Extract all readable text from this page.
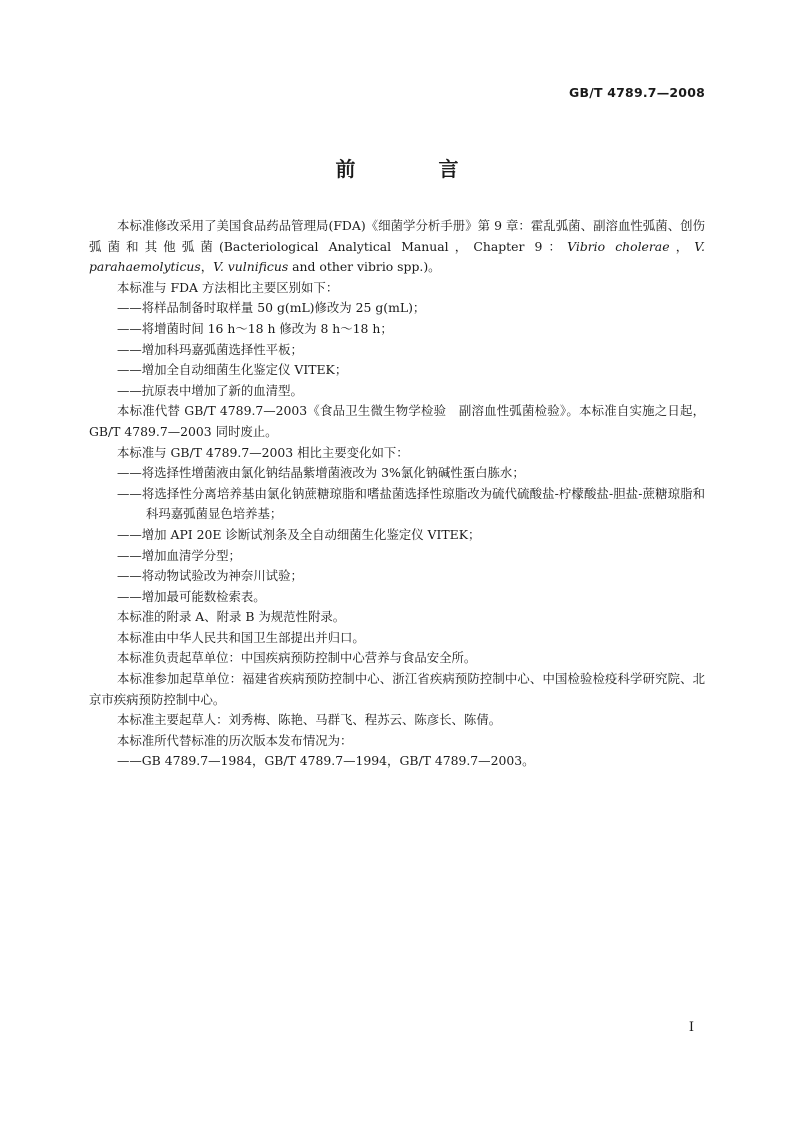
GB/T 4789.7—2008
前 言

本标准修改采用了美国食品药品管理局(FDA)《细菌学分析手册》第 9 章：霍乱弧菌、副溶血性弧菌、创伤弧菌和其他弧菌(Bacteriological Analytical Manual，Chapter 9：Vibrio cholerae，V. parahaemolyticus，V. vulnificus and other vibrio spp.)。

本标准与 FDA 方法相比主要区别如下：

——将样品制备时取样量 50 g(mL)修改为 25 g(mL)；

——将增菌时间 16 h～18 h 修改为 8 h～18 h；

——增加科玛嘉弧菌选择性平板；

——增加全自动细菌生化鉴定仪 VITEK；

——抗原表中增加了新的血清型。

本标准代替 GB/T 4789.7—2003《食品卫生微生物学检验　副溶血性弧菌检验》。本标准自实施之日起，GB/T 4789.7—2003 同时废止。

本标准与 GB/T 4789.7—2003 相比主要变化如下：

——将选择性增菌液由氯化钠结晶紫增菌液改为 3%氯化钠碱性蛋白胨水；

——将选择性分离培养基由氯化钠蔗糖琼脂和嗜盐菌选择性琼脂改为硫代硫酸盐-柠檬酸盐-胆盐-蔗糖琼脂和科玛嘉弧菌显色培养基；

——增加 API 20E 诊断试剂条及全自动细菌生化鉴定仪 VITEK；

——增加血清学分型；

——将动物试验改为神奈川试验；

——增加最可能数检索表。

本标准的附录 A、附录 B 为规范性附录。

本标准由中华人民共和国卫生部提出并归口。

本标准负责起草单位：中国疾病预防控制中心营养与食品安全所。

本标准参加起草单位：福建省疾病预防控制中心、浙江省疾病预防控制中心、中国检验检疫科学研究院、北京市疾病预防控制中心。

本标准主要起草人：刘秀梅、陈艳、马群飞、程苏云、陈彦长、陈倩。

本标准所代替标准的历次版本发布情况为：

——GB 4789.7—1984，GB/T 4789.7—1994，GB/T 4789.7—2003。

I
